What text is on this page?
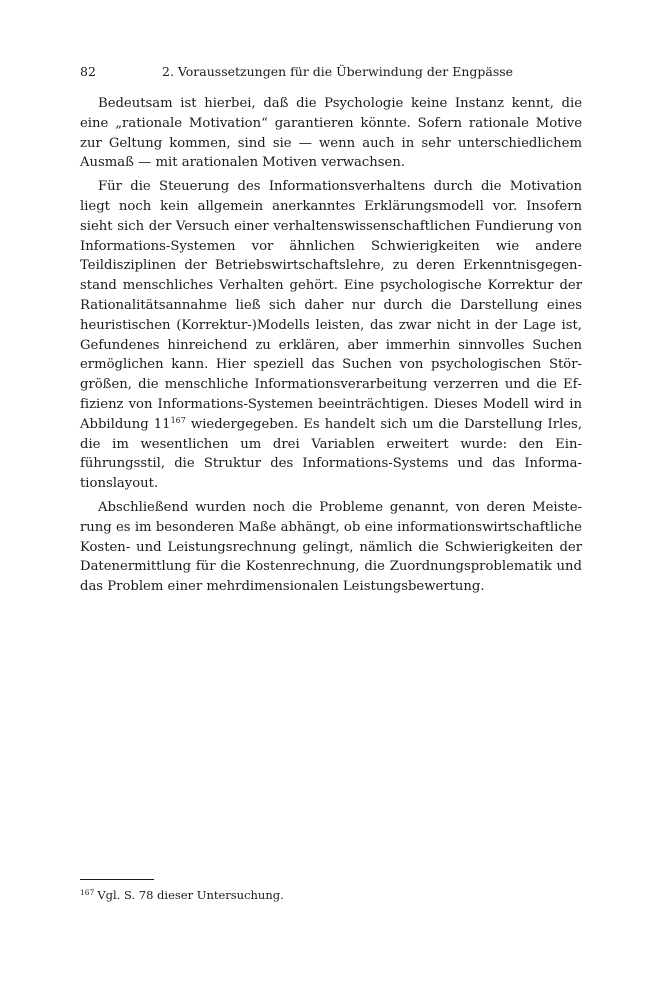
82	2. Voraussetzungen für die Überwindung der Engpässe

Bedeutsam ist hierbei, daß die Psychologie keine Instanz kennt, die eine „rationale Motivation“ garantieren könnte. Sofern rationale Motive zur Geltung kommen, sind sie — wenn auch in sehr unterschiedlichem Ausmaß — mit arationalen Motiven verwachsen.

Für die Steuerung des Informationsverhaltens durch die Motivation liegt noch kein allgemein anerkanntes Erklärungsmodell vor. Insofern sieht sich der Versuch einer verhaltenswissenschaftlichen Fundierung von Informations-Systemen vor ähnlichen Schwierigkeiten wie andere Teildisziplinen der Betriebswirtschaftslehre, zu deren Erkenntnisgegenstand menschliches Verhalten gehört. Eine psychologische Korrektur der Rationalitätsannahme ließ sich daher nur durch die Darstellung eines heuristischen (Korrektur-)Modells leisten, das zwar nicht in der Lage ist, Gefundenes hinreichend zu erklären, aber immerhin sinnvolles Suchen ermöglichen kann. Hier speziell das Suchen von psychologischen Störgrößen, die menschliche Informationsverarbeitung verzerren und die Effizienz von Informations-Systemen beeinträchtigen. Dieses Modell wird in Abbildung $11^{167}$ wiedergegeben. Es handelt sich um die Darstellung Irles, die im wesentlichen um drei Variablen erweitert wurde: den Einführungsstil, die Struktur des Informations-Systems und das Informationslayout.

Abschließend wurden noch die Probleme genannt, von deren Meisterung es im besonderen Maße abhängt, ob eine informationswirtschaftliche Kosten- und Leistungsrechnung gelingt, nämlich die Schwierigkeiten der Datenermittlung für die Kostenrechnung, die Zuordnungsproblematik und das Problem einer mehrdimensionalen Leistungsbewertung.

$^{167}$ Vgl. S. 78 dieser Untersuchung.
